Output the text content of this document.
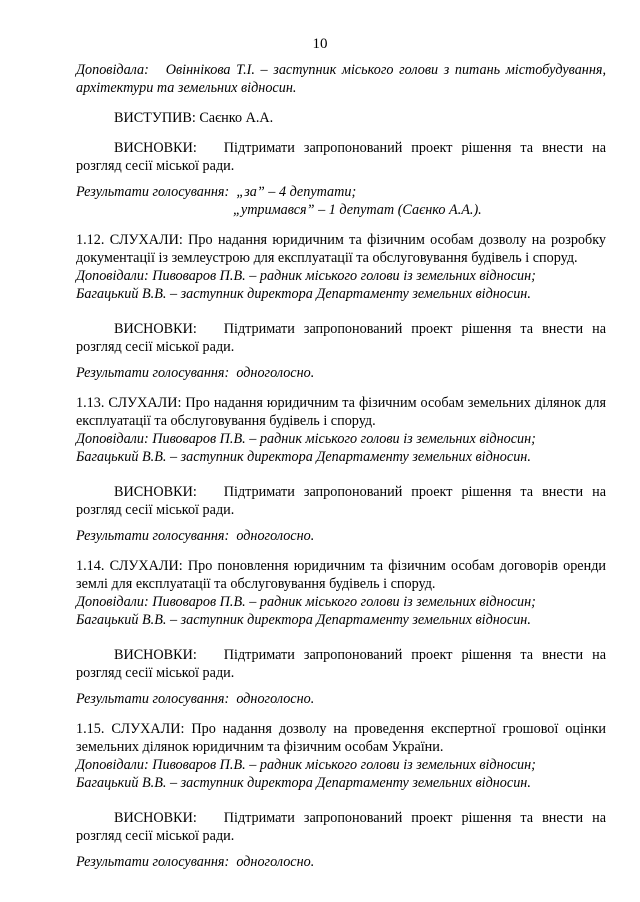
10

Доповідала: Овіннікова Т.І. – заступник міського голови з питань містобудування, архітектури та земельних відносин.

ВИСТУПИВ: Саєнко А.А.

ВИСНОВКИ: Підтримати запропонований проект рішення та внести на розгляд сесії міської ради.

Результати голосування: „за” – 4 депутати;

„утримався” – 1 депутат (Саєнко А.А.).

1.12. СЛУХАЛИ: Про надання юридичним та фізичним особам дозволу на розробку документації із землеустрою для експлуатації та обслуговування будівель і споруд.

Доповідали: Пивоваров П.В. – радник міського голови із земельних відносин;

Багацький В.В. – заступник директора Департаменту земельних відносин.

ВИСНОВКИ: Підтримати запропонований проект рішення та внести на розгляд сесії міської ради.

Результати голосування: одноголосно.

1.13. СЛУХАЛИ: Про надання юридичним та фізичним особам земельних ділянок для експлуатації та обслуговування будівель і споруд.

Доповідали: Пивоваров П.В. – радник міського голови із земельних відносин;

Багацький В.В. – заступник директора Департаменту земельних відносин.

ВИСНОВКИ: Підтримати запропонований проект рішення та внести на розгляд сесії міської ради.

Результати голосування: одноголосно.

1.14. СЛУХАЛИ: Про поновлення юридичним та фізичним особам договорів оренди землі для експлуатації та обслуговування будівель і споруд.

Доповідали: Пивоваров П.В. – радник міського голови із земельних відносин;

Багацький В.В. – заступник директора Департаменту земельних відносин.

ВИСНОВКИ: Підтримати запропонований проект рішення та внести на розгляд сесії міської ради.

Результати голосування: одноголосно.

1.15. СЛУХАЛИ: Про надання дозволу на проведення експертної грошової оцінки земельних ділянок юридичним та фізичним особам України.

Доповідали: Пивоваров П.В. – радник міського голови із земельних відносин;

Багацький В.В. – заступник директора Департаменту земельних відносин.

ВИСНОВКИ: Підтримати запропонований проект рішення та внести на розгляд сесії міської ради.

Результати голосування: одноголосно.
